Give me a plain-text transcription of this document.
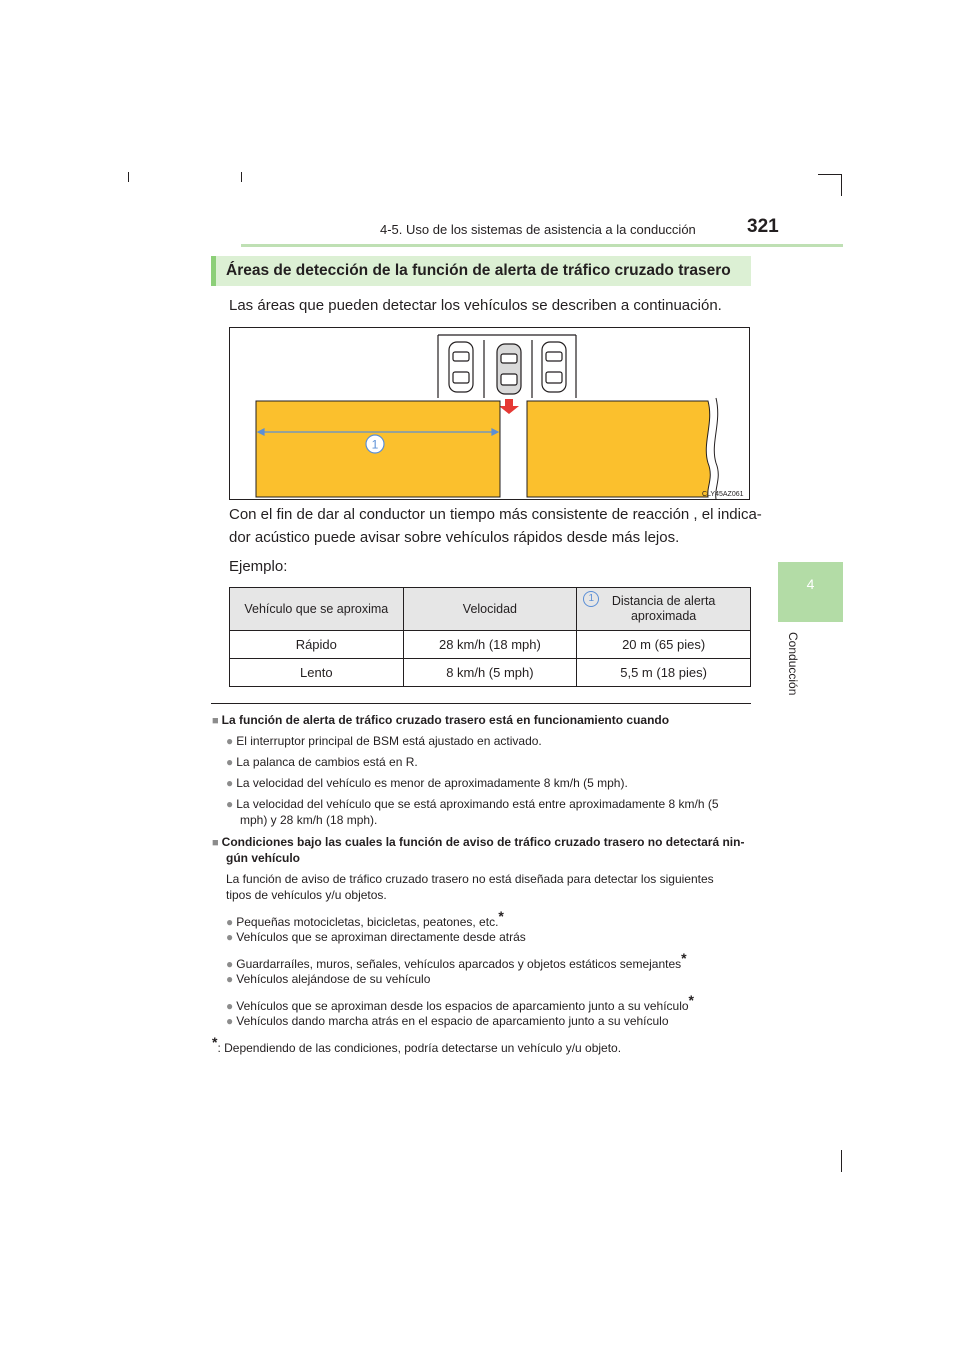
4-5. Uso de los sistemas de asistencia a la conducción	321
4
Conducción
Áreas de detección de la función de alerta de tráfico cruzado trasero
Las áreas que pueden detectar los vehículos se describen a continuación.
1
CLY45AZ061
Con el fin de dar al conductor un tiempo más consistente de reacción , el indica-
dor acústico puede avisar sobre vehículos rápidos desde más lejos.
Ejemplo:
Vehículo que se aproxima	Velocidad	1 Distancia de alerta
aproximada

Rápido	28 km/h (18 mph)	20 m (65 pies)
Lento	8 km/h (5 mph)	5,5 m (18 pies)
■ La función de alerta de tráfico cruzado trasero está en funcionamiento cuando
● El interruptor principal de BSM está ajustado en activado.
● La palanca de cambios está en R.
● La velocidad del vehículo es menor de aproximadamente 8 km/h (5 mph).
● La velocidad del vehículo que se está aproximando está entre aproximadamente 8 km/h (5
mph) y 28 km/h (18 mph).
■ Condiciones bajo las cuales la función de aviso de tráfico cruzado trasero no detectará nin-
gún vehículo
La función de aviso de tráfico cruzado trasero no está diseñada para detectar los siguientes
tipos de vehículos y/u objetos.
● Pequeñas motocicletas, bicicletas, peatones, etc.*
● Vehículos que se aproximan directamente desde atrás
● Guardarraíles, muros, señales, vehículos aparcados y objetos estáticos semejantes*
● Vehículos alejándose de su vehículo
● Vehículos que se aproximan desde los espacios de aparcamiento junto a su vehículo*
● Vehículos dando marcha atrás en el espacio de aparcamiento junto a su vehículo
*: Dependiendo de las condiciones, podría detectarse un vehículo y/u objeto.
